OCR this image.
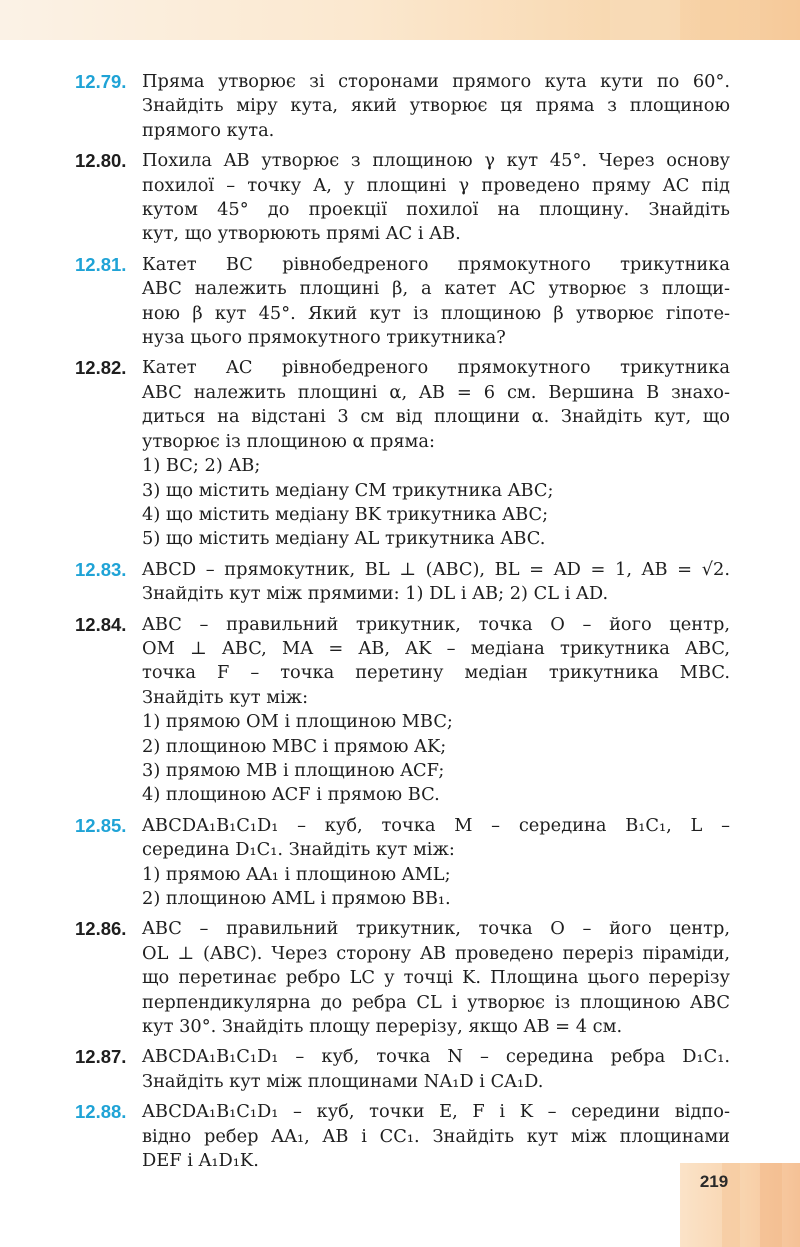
12.79. Пряма утворює зі сторонами прямого кута кути по 60°.
Знайдіть міру кута, який утворює ця пряма з площиною
прямого кута.
12.80. Похила AB утворює з площиною γ кут 45°. Через основу
похилої – точку A, у площині γ проведено пряму AC під
кутом 45° до проекції похилої на площину. Знайдіть
кут, що утворюють прямі AC і AB.
12.81. Катет BC рівнобедреного прямокутного трикутника
ABC належить площині β, а катет AC утворює з площи-
ною β кут 45°. Який кут із площиною β утворює гіпоте-
нуза цього прямокутного трикутника?
12.82. Катет AC рівнобедреного прямокутного трикутника
ABC належить площині α, AB = 6 см. Вершина B знахо-
диться на відстані 3 см від площини α. Знайдіть кут, що
утворює із площиною α пряма:
1) BC; 2) AB;
3) що містить медіану CM трикутника ABC;
4) що містить медіану BK трикутника ABC;
5) що містить медіану AL трикутника ABC.
12.83. ABCD – прямокутник, BL ⊥ (ABC), BL = AD = 1, AB = √2.
Знайдіть кут між прямими: 1) DL і AB; 2) CL і AD.
12.84. ABC – правильний трикутник, точка O – його центр,
OM ⊥ ABC, MA = AB, AK – медіана трикутника ABC,
точка F – точка перетину медіан трикутника MBC.
Знайдіть кут між:
1) прямою OM і площиною MBC;
2) площиною MBC і прямою AK;
3) прямою MB і площиною ACF;
4) площиною ACF і прямою BC.
12.85. ABCDA₁B₁C₁D₁ – куб, точка M – середина B₁C₁, L –
середина D₁C₁. Знайдіть кут між:
1) прямою AA₁ і площиною AML;
2) площиною AML і прямою BB₁.
12.86. ABC – правильний трикутник, точка O – його центр,
OL ⊥ (ABC). Через сторону AB проведено переріз піраміди,
що перетинає ребро LC у точці K. Площина цього перерізу
перпендикулярна до ребра CL і утворює із площиною ABC
кут 30°. Знайдіть площу перерізу, якщо AB = 4 см.
12.87. ABCDA₁B₁C₁D₁ – куб, точка N – середина ребра D₁C₁.
Знайдіть кут між площинами NA₁D і CA₁D.
12.88. ABCDA₁B₁C₁D₁ – куб, точки E, F і K – середини відпо-
відно ребер AA₁, AB і CC₁. Знайдіть кут між площинами
DEF і A₁D₁K.
219
